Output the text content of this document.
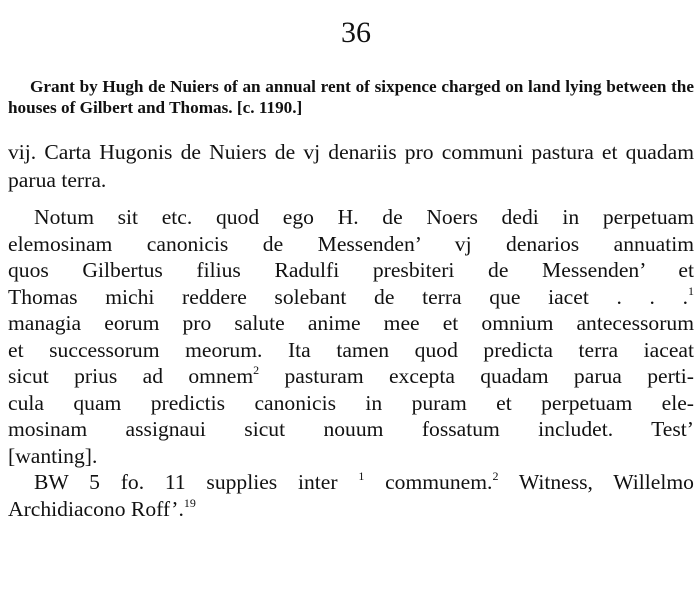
36
Grant by Hugh de Nuiers of an annual rent of sixpence charged on land lying between the houses of Gilbert and Thomas. [c. 1190.]
vij. Carta Hugonis de Nuiers de vj denariis pro communi pastura et quadam parua terra.
Notum sit etc. quod ego H. de Noers dedi in perpetuam
elemosinam canonicis de Messenden’ vj denarios annuatim
quos Gilbertus filius Radulfi presbiteri de Messenden’ et
Thomas michi reddere solebant de terra que iacet . . .$^1$
managia eorum pro salute anime mee et omnium antecessorum
et successorum meorum. Ita tamen quod predicta terra iaceat
sicut prius ad omnem$^2$ pasturam excepta quadam parua perti-
cula quam predictis canonicis in puram et perpetuam ele-
mosinam assignaui sicut nouum fossatum includet. Test’
[wanting].
BW 5 fo. 11 supplies inter $^1$ communem.$^2$ Witness, Willelmo
Archidiacono Roff’.$^{19}$
